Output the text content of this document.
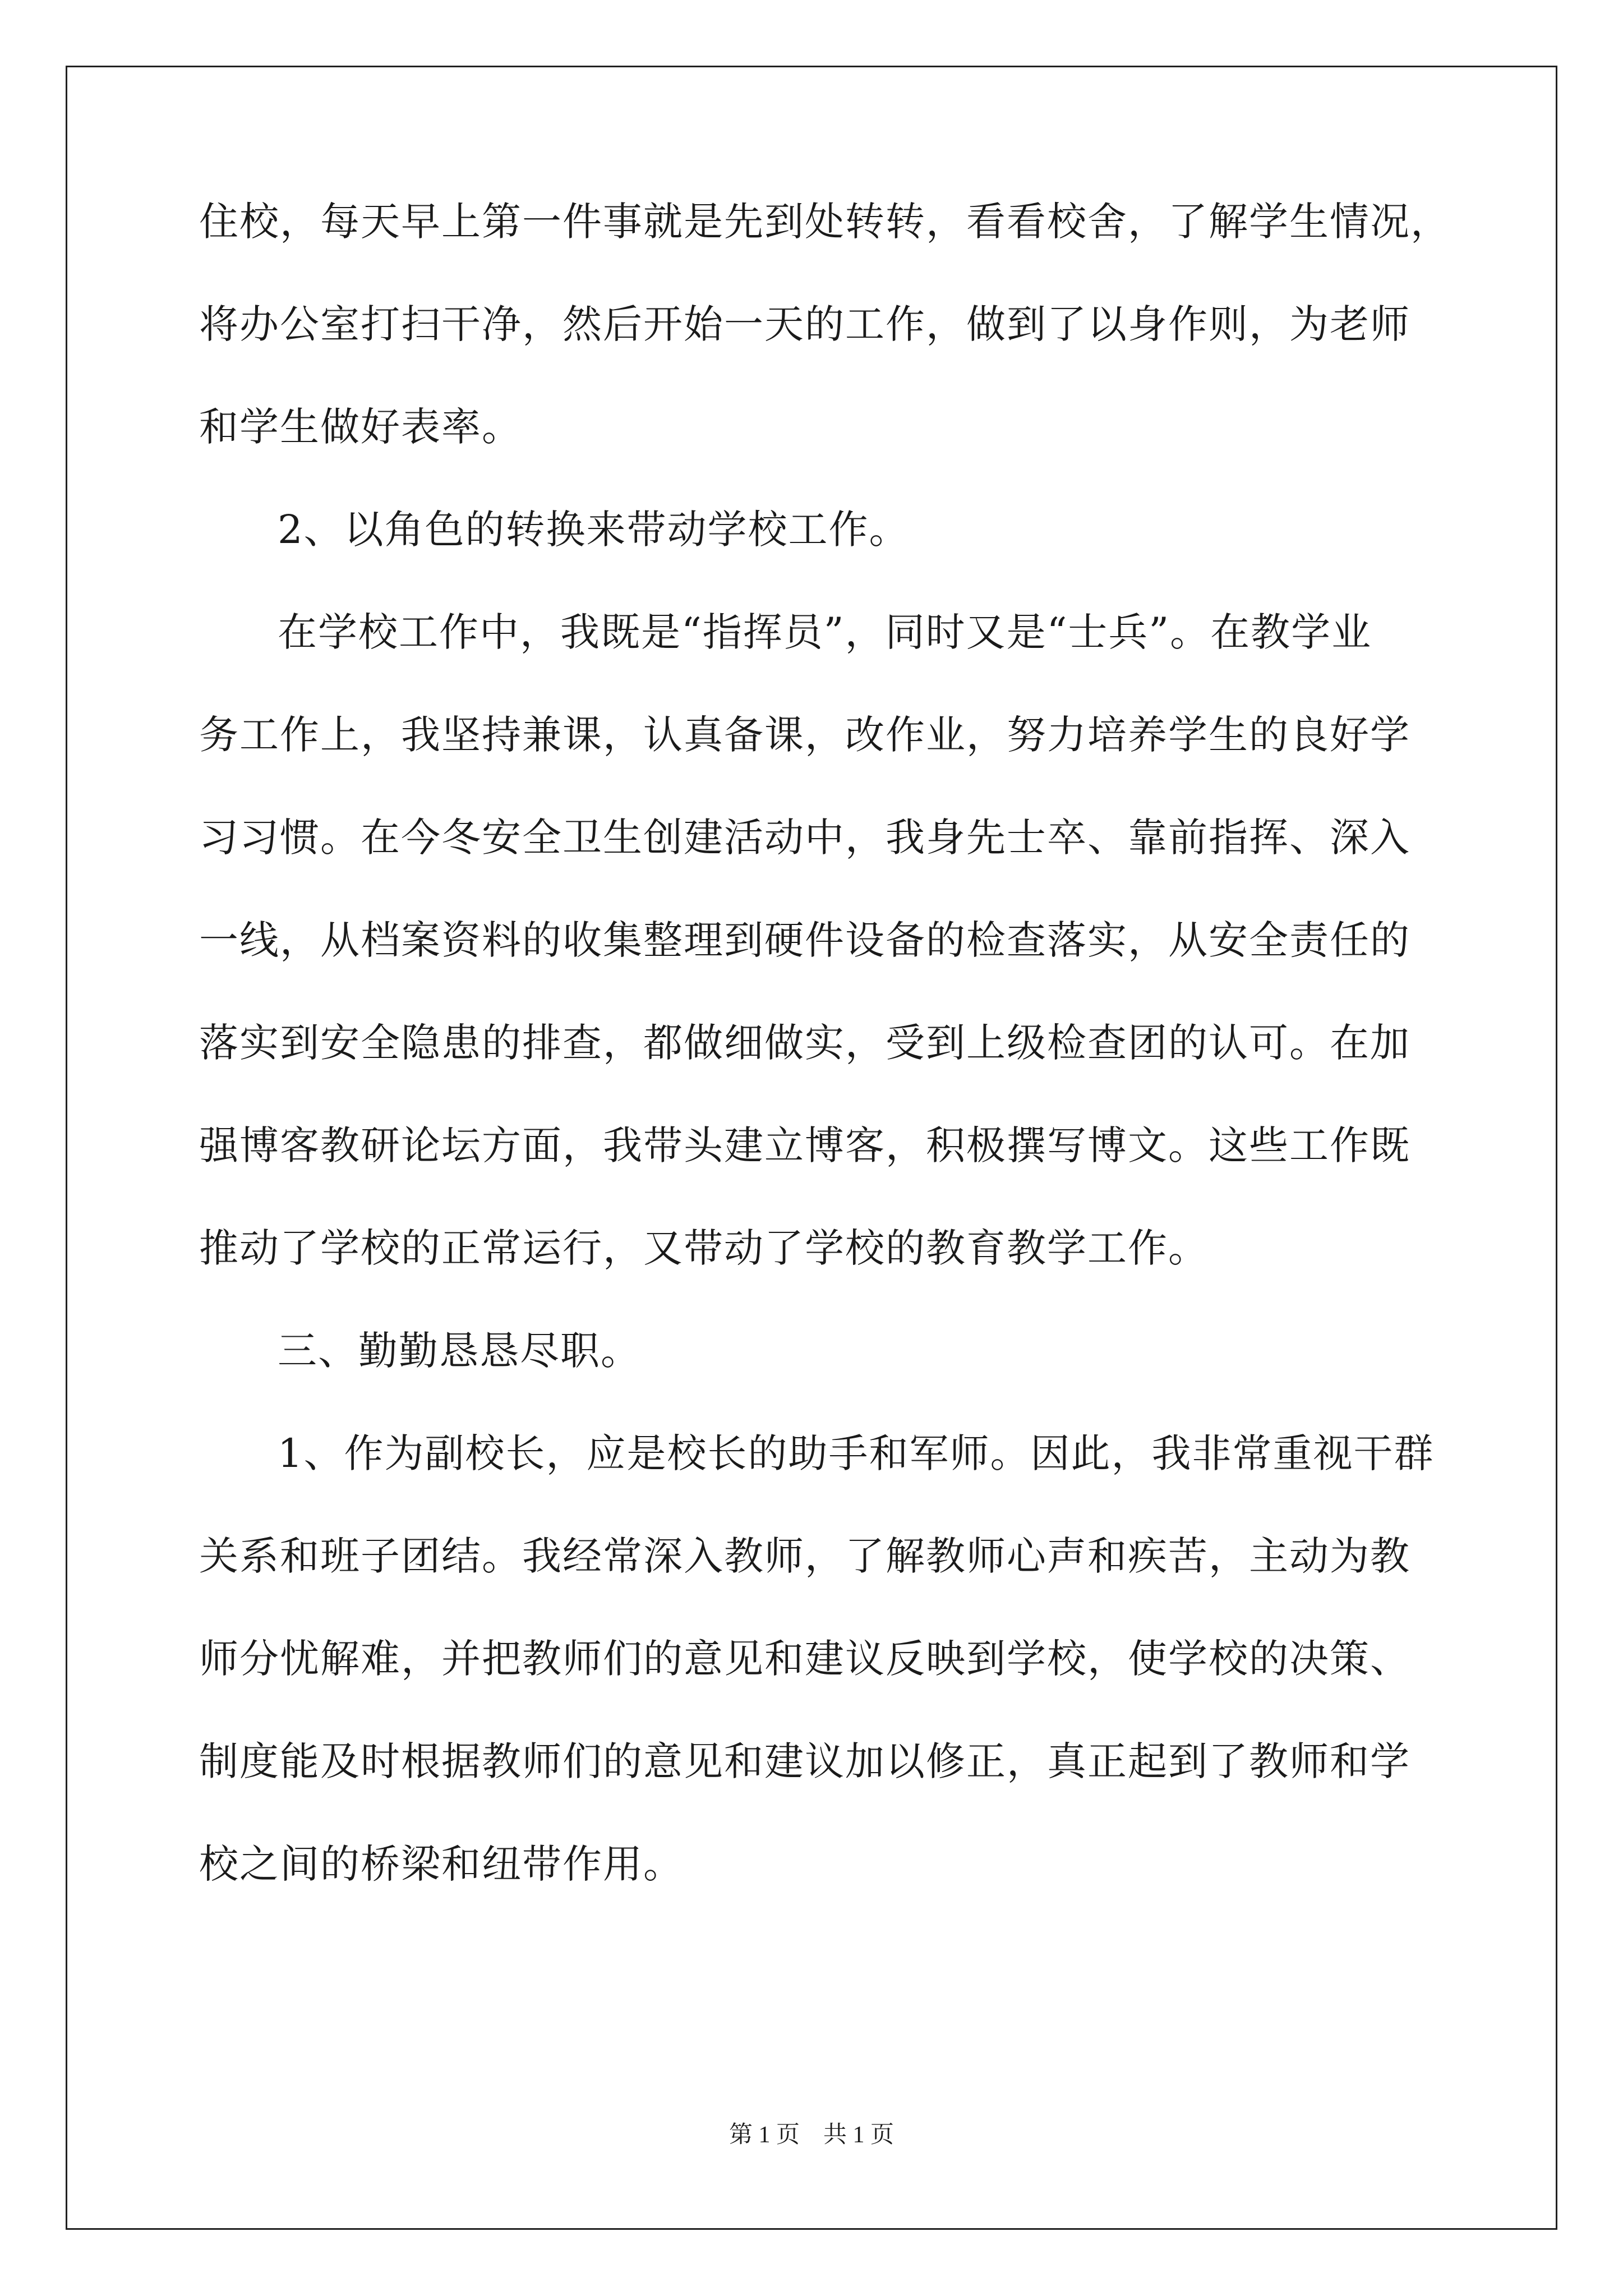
住校，每天早上第一件事就是先到处转转，看看校舍，了解学生情况，
将办公室打扫干净，然后开始一天的工作，做到了以身作则，为老师
和学生做好表率。
2、以角色的转换来带动学校工作。
在学校工作中，我既是“指挥员”，同时又是“士兵”。在教学业
务工作上，我坚持兼课，认真备课，改作业，努力培养学生的良好学
习习惯。在今冬安全卫生创建活动中，我身先士卒、靠前指挥、深入
一线，从档案资料的收集整理到硬件设备的检查落实，从安全责任的
落实到安全隐患的排查，都做细做实，受到上级检查团的认可。在加
强博客教研论坛方面，我带头建立博客，积极撰写博文。这些工作既
推动了学校的正常运行，又带动了学校的教育教学工作。
三、勤勤恳恳尽职。
1、作为副校长，应是校长的助手和军师。因此，我非常重视干群
关系和班子团结。我经常深入教师，了解教师心声和疾苦，主动为教
师分忧解难，并把教师们的意见和建议反映到学校，使学校的决策、
制度能及时根据教师们的意见和建议加以修正，真正起到了教师和学
校之间的桥梁和纽带作用。
第 1 页　共 1 页
